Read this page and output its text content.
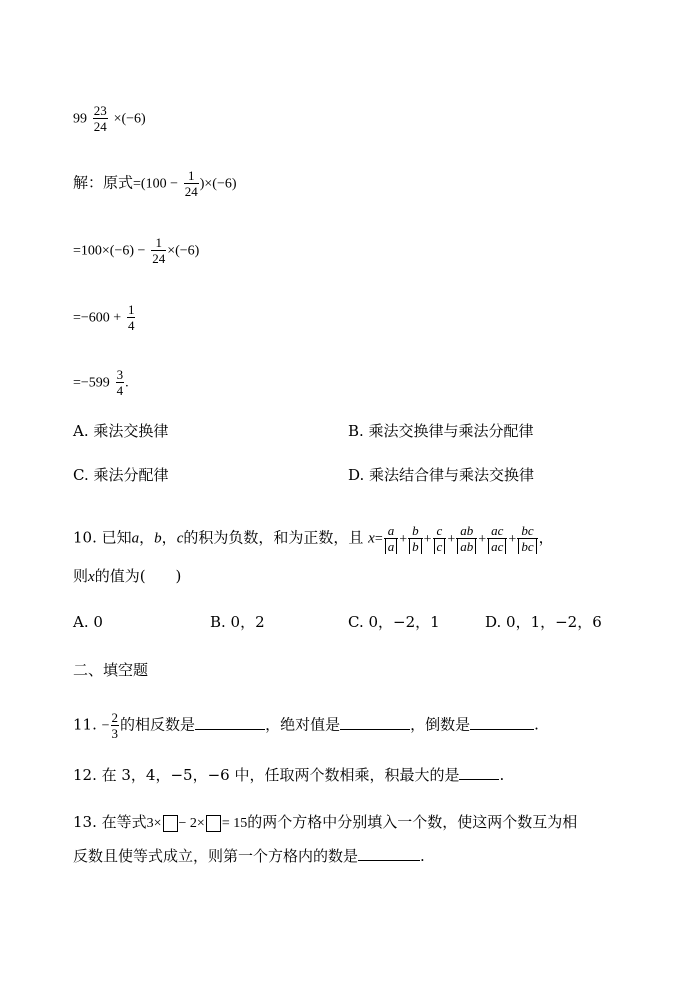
$99 \frac{23}{24} \times(-6)$
解：原式$=(100 - \frac{1}{24} )\times(-6)$
$=100\times(-6) - \frac{1}{24} \times(-6)$
$=-600 + \frac{1}{4}$
$=-599 \frac{3}{4}$ .
A. 乘法交换律	B. 乘法交换律与乘法分配律
C. 乘法分配律	D. 乘法结合律与乘法交换律
10. 已知a，b，c的积为负数，和为正数，且 $x= \frac{a}{a} + \frac{b}{b} + \frac{c}{c} + \frac{ab}{ab} + \frac{ac}{ac} + \frac{bc}{bc}$ ，
则x的值为(　　)
A. 0	B. 0，2	C. 0，−2，1	D. 0，1，−2，6
二、填空题
11. − $\frac{2}{3}$ 的相反数是	，绝对值是	，倒数是	.
12. 在 3，4，−5，−6 中，任取两个数相乘，积最大的是	.
13. 在等式3× − 2× = 15的两个方格中分别填入一个数，使这两个数互为相
反数且使等式成立，则第一个方格内的数是	.
